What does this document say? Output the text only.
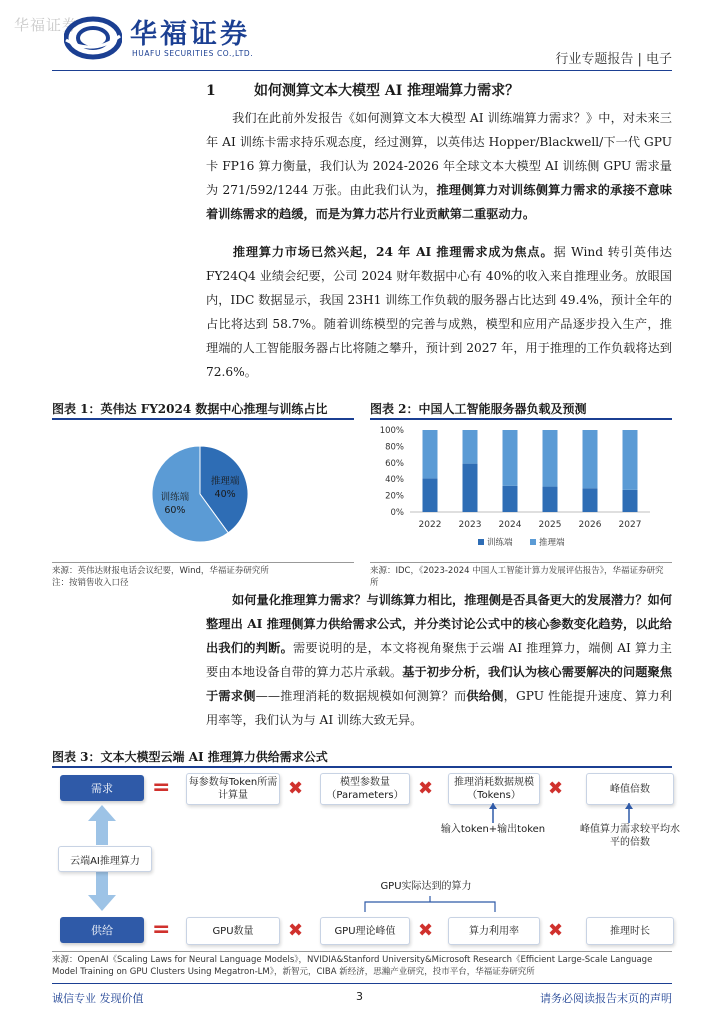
华福证券 华福证券
HUAFU SECURITIES CO.,LTD.	行业专题报告 | 电子
1	如何测算文本大模型 AI 推理端算力需求？
我们在此前外发报告《如何测算文本大模型 AI 训练端算力需求？》中，对未来三年 AI 训练卡需求持乐观态度，经过测算，以英伟达 Hopper/Blackwell/下一代 GPU 卡 FP16 算力衡量，我们认为 2024-2026 年全球文本大模型 AI 训练侧 GPU 需求量为 271/592/1244 万张。由此我们认为，推理侧算力对训练侧算力需求的承接不意味着训练需求的趋缓，而是为算力芯片行业贡献第二重驱动力。
推理算力市场已然兴起，24 年 AI 推理需求成为焦点。据 Wind 转引英伟达 FY24Q4 业绩会纪要，公司 2024 财年数据中心有 40%的收入来自推理业务。放眼国内，IDC 数据显示，我国 23H1 训练工作负载的服务器占比达到 49.4%，预计全年的占比将达到 58.7%。随着训练模型的完善与成熟，模型和应用产品逐步投入生产，推理端的人工智能服务器占比将随之攀升，预计到 2027 年，用于推理的工作负载将达到 72.6%。
图表 1：英伟达 FY2024 数据中心推理与训练占比
推理端
40%
训练端
60%
来源：英伟达财报电话会议纪要，Wind，华福证券研究所
注：按销售收入口径
图表 2：中国人工智能服务器负载及预测
0%
20%
40%
60%
80%
100%
2022 2023 2024 2025 2026 2027
训练端	推理端
来源：IDC，《2023-2024 中国人工智能计算力发展评估报告》，华福证券研究所
如何量化推理算力需求？与训练算力相比，推理侧是否具备更大的发展潜力？如何整理出 AI 推理侧算力供给需求公式，并分类讨论公式中的核心参数变化趋势，以此给出我们的判断。需要说明的是，本文将视角聚焦于云端 AI 推理算力，端侧 AI 算力主要由本地设备自带的算力芯片承载。基于初步分析，我们认为核心需要解决的问题聚焦于需求侧——推理消耗的数据规模如何测算？而供给侧，GPU 性能提升速度、算力利用率等，我们认为与 AI 训练大致无异。
图表 3：文本大模型云端 AI 推理算力供给需求公式
需求	= 每参数每Token所需计算量	✖	模型参数量（Parameters） ✖	推理消耗数据规模（Tokens）	✖	峰值倍数
输入token+输出token	峰值算力需求较平均水平的倍数
云端AI推理算力
GPU实际达到的算力
供给	=	GPU数量	✖	GPU理论峰值	✖	算力利用率	✖	推理时长
来源：OpenAI《Scaling Laws for Neural Language Models》，NVIDIA&Stanford University&Microsoft Research《Efficient Large-Scale Language Model Training on GPU Clusters Using Megatron-LM》，新智元，CIBA 新经济，思瀚产业研究，投市平台，华福证券研究所
诚信专业 发现价值	3	请务必阅读报告末页的声明
